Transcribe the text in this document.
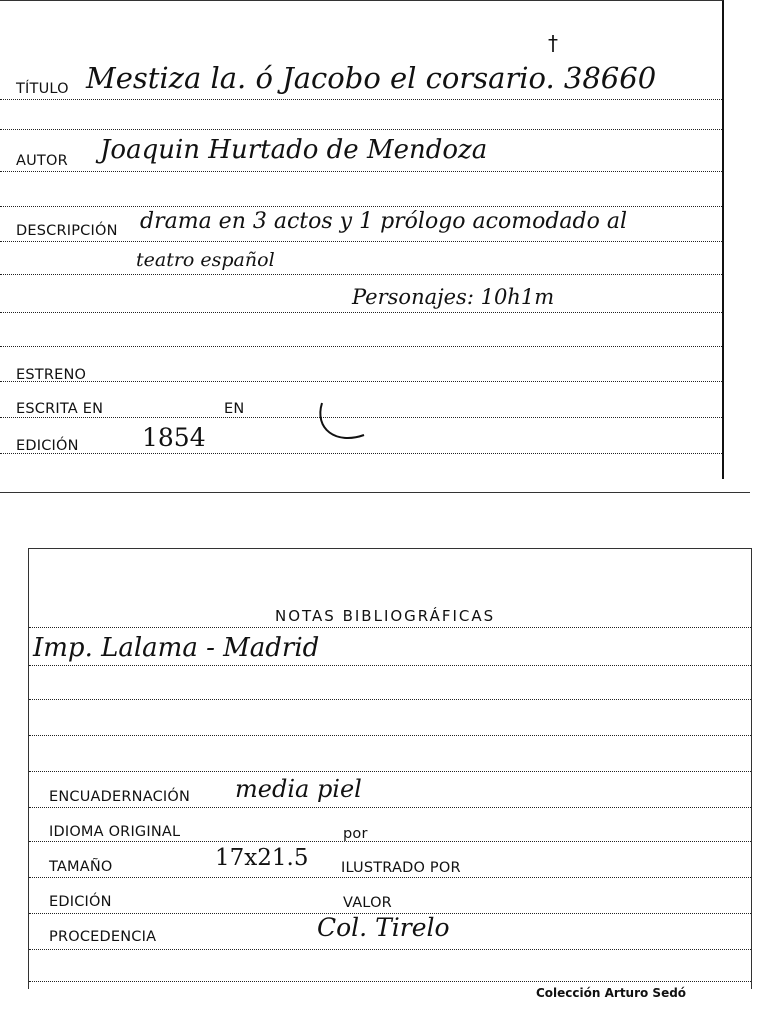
†
TÍTULO Mestiza la. ó Jacobo el corsario. 38660
AUTOR Joaquin Hurtado de Mendoza
DESCRIPCIÓN drama en 3 actos y 1 prólogo acomodado al
teatro español
Personajes: 10h1m
ESTRENO
ESCRITA EN	EN
EDICIÓN	1854
NOTAS BIBLIOGRÁFICAS
Imp. Lalama - Madrid
ENCUADERNACIÓN media piel
IDIOMA ORIGINAL	por
TAMAÑO	17x21.5 ILUSTRADO POR
EDICIÓN	VALOR
PROCEDENCIA	Col. Tirelo
Colección Arturo Sedó
